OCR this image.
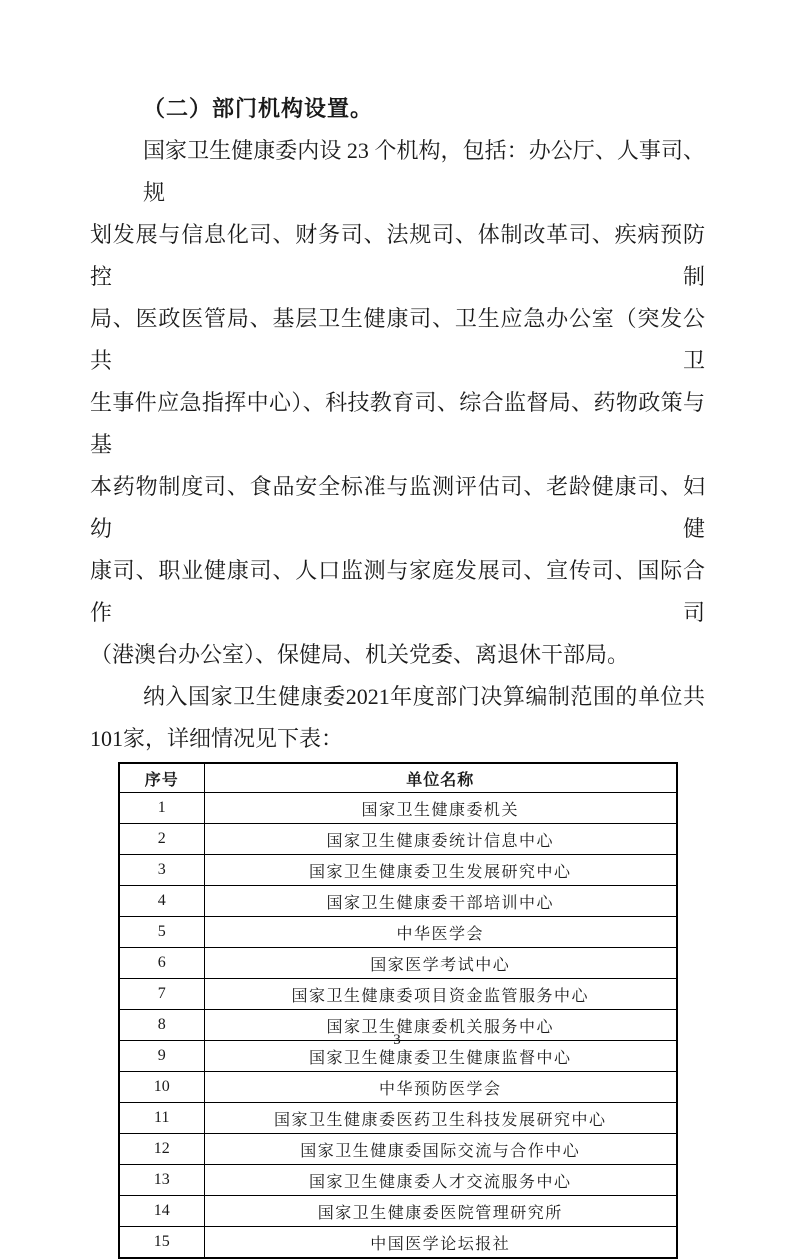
（二）部门机构设置。
国家卫生健康委内设 23 个机构，包括：办公厅、人事司、规
划发展与信息化司、财务司、法规司、体制改革司、疾病预防控制
局、医政医管局、基层卫生健康司、卫生应急办公室（突发公共卫
生事件应急指挥中心）、科技教育司、综合监督局、药物政策与基
本药物制度司、食品安全标准与监测评估司、老龄健康司、妇幼健
康司、职业健康司、人口监测与家庭发展司、宣传司、国际合作司
（港澳台办公室）、保健局、机关党委、离退休干部局。
纳入国家卫生健康委2021年度部门决算编制范围的单位共
101家，详细情况见下表：
序号	单位名称
1	国家卫生健康委机关
2	国家卫生健康委统计信息中心
3	国家卫生健康委卫生发展研究中心
4	国家卫生健康委干部培训中心
5	中华医学会
6	国家医学考试中心
7	国家卫生健康委项目资金监管服务中心
8	国家卫生健康委机关服务中心
9	国家卫生健康委卫生健康监督中心
10	中华预防医学会
11	国家卫生健康委医药卫生科技发展研究中心
12	国家卫生健康委国际交流与合作中心
13	国家卫生健康委人才交流服务中心
14	国家卫生健康委医院管理研究所
15	中国医学论坛报社
3
